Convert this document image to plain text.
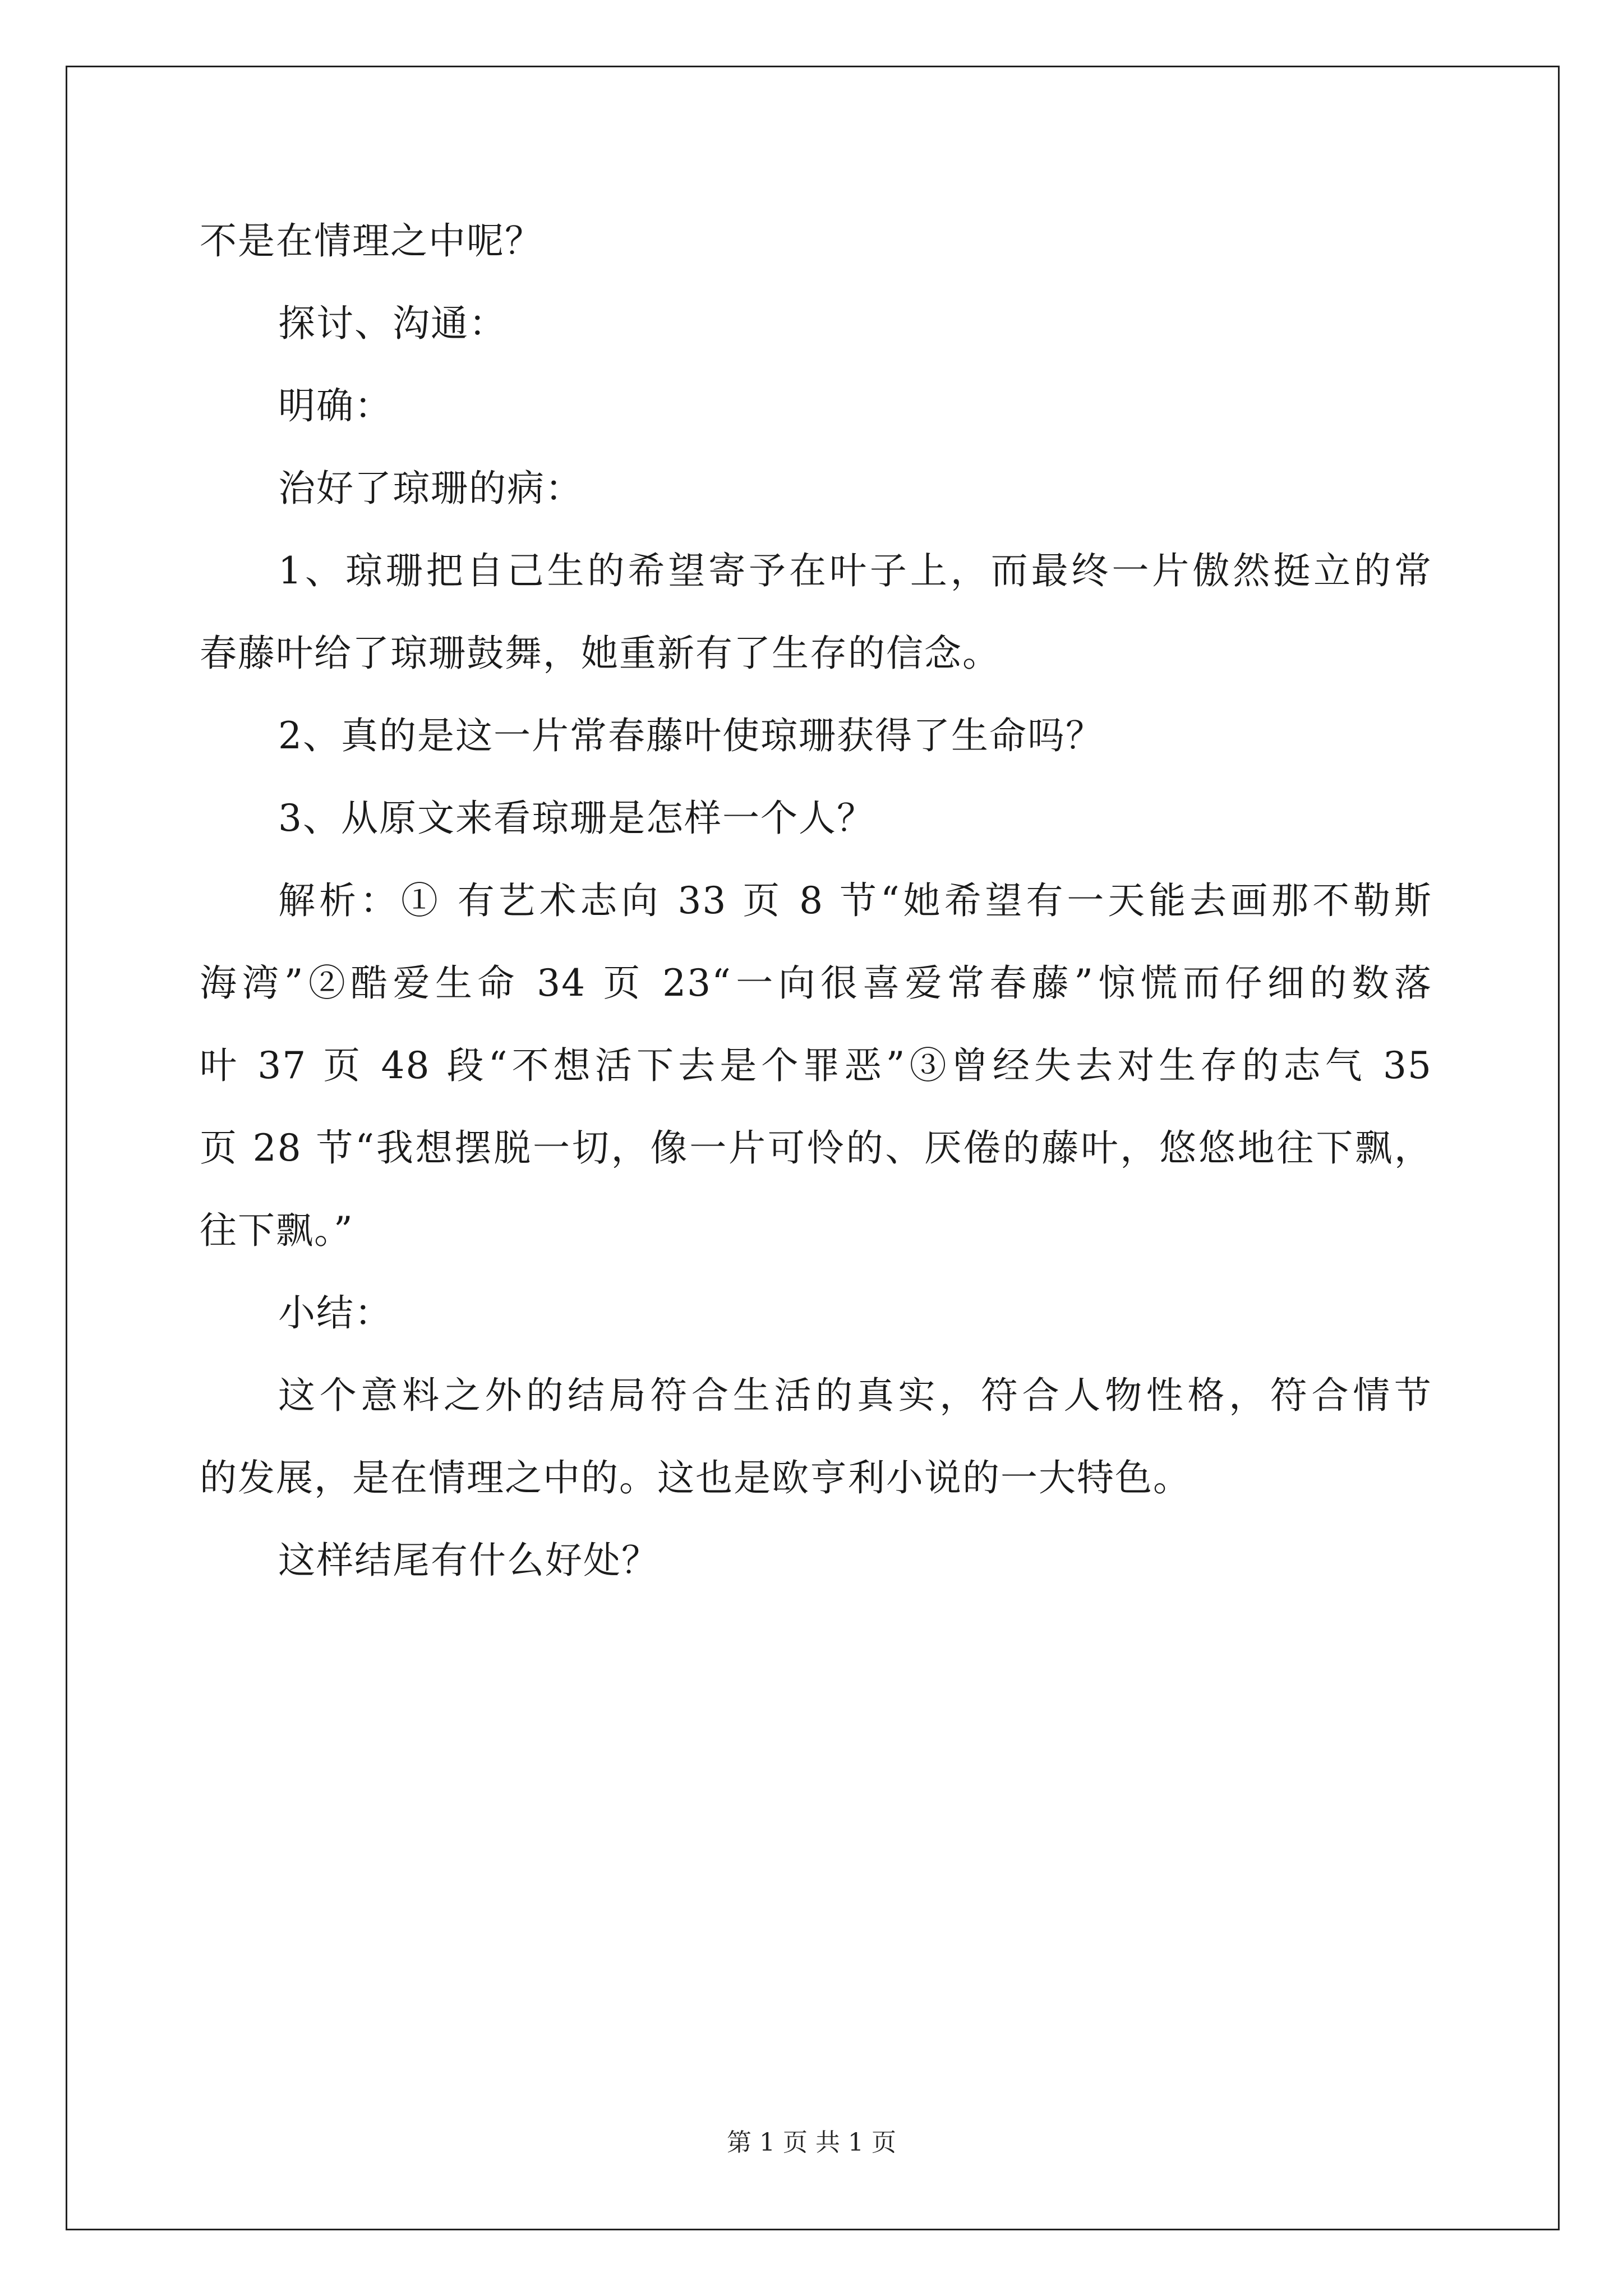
不是在情理之中呢？
探讨、沟通：
明确：
治好了琼珊的病：
1、琼珊把自己生的希望寄予在叶子上，而最终一片傲然挺立的常
春藤叶给了琼珊鼓舞，她重新有了生存的信念。
2、真的是这一片常春藤叶使琼珊获得了生命吗？
3、从原文来看琼珊是怎样一个人？
解析：① 有艺术志向 33 页 8 节“她希望有一天能去画那不勒斯
海湾”②酷爱生命 34 页 23“一向很喜爱常春藤”惊慌而仔细的数落
叶 37 页 48 段“不想活下去是个罪恶”③曾经失去对生存的志气 35
页 28 节“我想摆脱一切，像一片可怜的、厌倦的藤叶，悠悠地往下飘，
往下飘。”
小结：
这个意料之外的结局符合生活的真实，符合人物性格，符合情节
的发展，是在情理之中的。这也是欧亨利小说的一大特色。
这样结尾有什么好处？
第 1 页 共 1 页
